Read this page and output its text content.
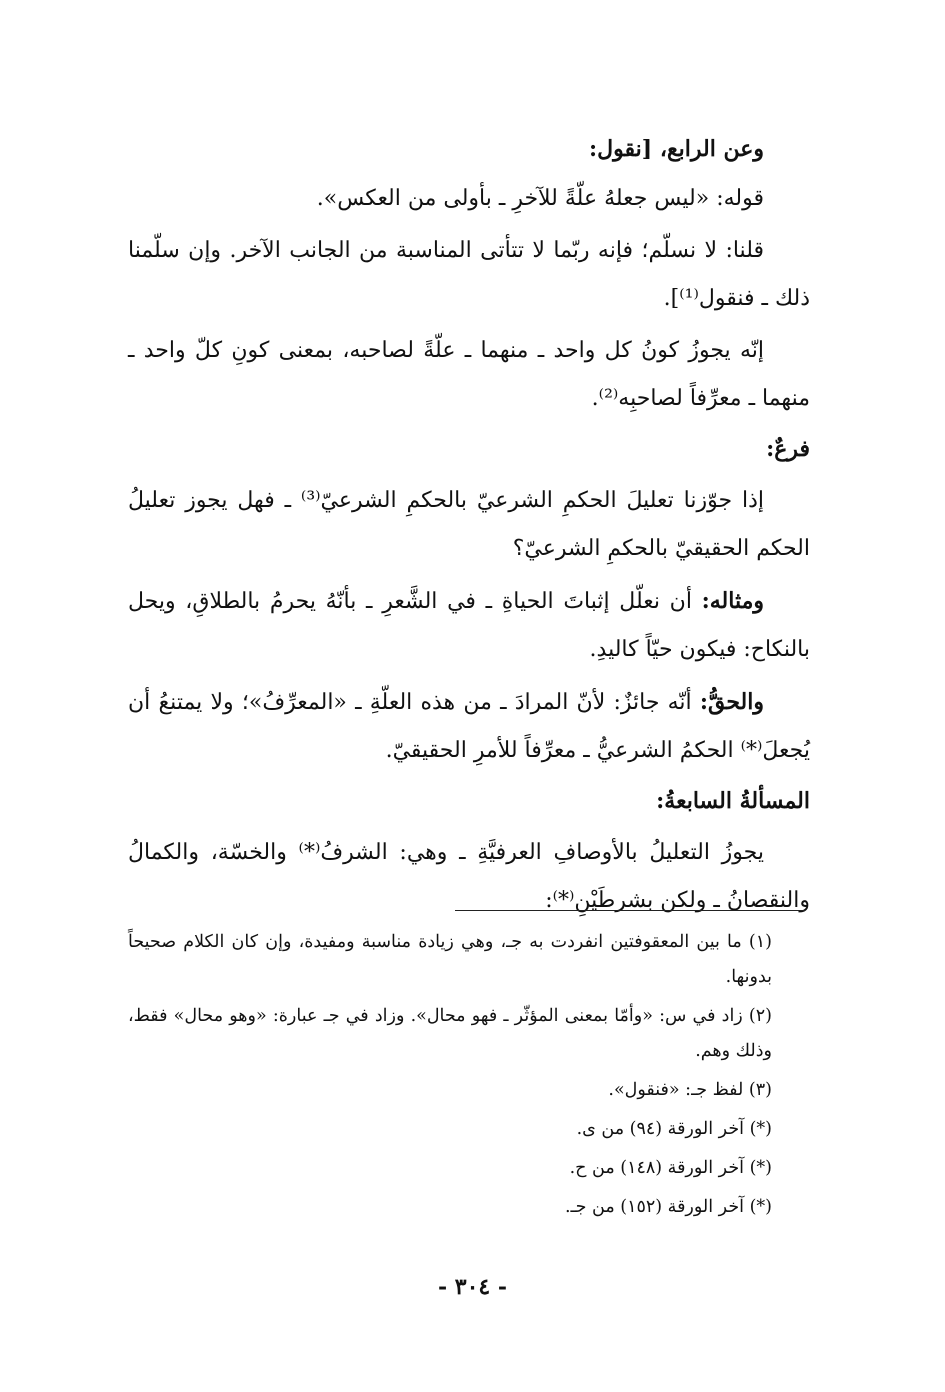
وعن الرابع، [نقول:

قوله: «ليس جعلهُ علّةً للآخرِ ـ بأولى من العكس».

قلنا: لا نسلّم؛ فإنه ربّما لا تتأتى المناسبة من الجانب الآخر. وإن سلّمنا ذلك ـ فنقول⁽¹⁾].

إنّه يجوزُ كونُ كل واحد ـ منهما ـ علّةً لصاحبه، بمعنى كونِ كلّ واحد ـ منهما ـ معرِّفاً لصاحبِه⁽²⁾.

فرعٌ:

إذا جوّزنا تعليلَ الحكمِ الشرعيّ بالحكمِ الشرعيّ⁽³⁾ ـ فهل يجوز تعليلُ الحكم الحقيقيّ بالحكمِ الشرعيّ؟

ومثاله: أن نعلّل إثباتَ الحياةِ ـ في الشَّعرِ ـ بأنّهُ يحرمُ بالطلاقِ، ويحل بالنكاح: فيكون حيّاً كاليدِ.

والحقُّ: أنّه جائزٌ: لأنّ المرادَ ـ من هذه العلّةِ ـ «المعرِّفُ»؛ ولا يمتنعُ أن يُجعلَ⁽*⁾ الحكمُ الشرعيُّ ـ معرِّفاً للأمرِ الحقيقيّ.

المسألةُ السابعةُ:

يجوزُ التعليلُ بالأوصافِ العرفيَّةِ ـ وهي: الشرفُ⁽*⁾ والخسّة، والكمالُ والنقصانُ ـ ولكن بشرطَيْنِ⁽*⁾:

(١) ما بين المعقوفتين انفردت به جـ، وهي زيادة مناسبة ومفيدة، وإن كان الكلام صحيحاً بدونها.

(٢) زاد في س: «وأمّا بمعنى المؤثّر ـ فهو محال». وزاد في جـ عبارة: «وهو محال» فقط، وذلك وهم.

(٣) لفظ جـ: «فنقول».

(*) آخر الورقة (٩٤) من ى.

(*) آخر الورقة (١٤٨) من ح.

(*) آخر الورقة (١٥٢) من جـ.

- ٣٠٤ -
